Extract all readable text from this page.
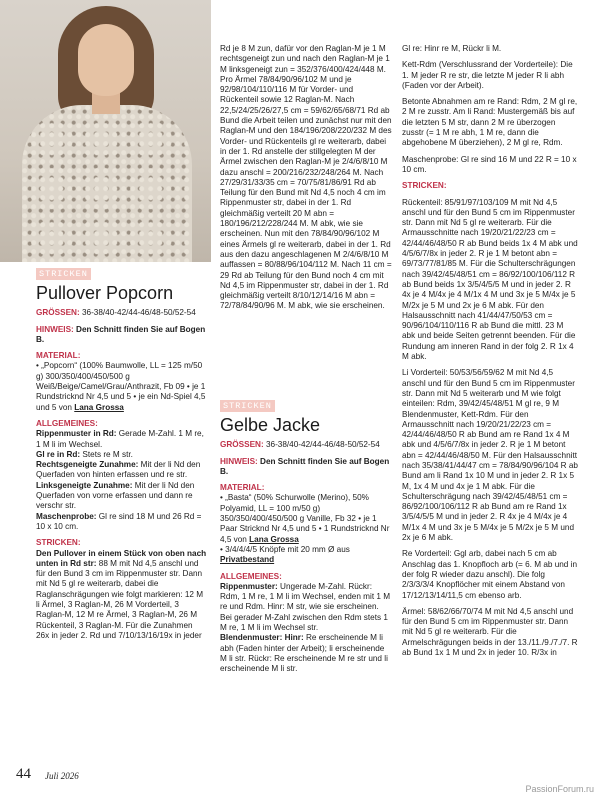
STRICKEN
Pullover Popcorn

GRÖSSEN: 36-38/40-42/44-46/48-50/52-54

HINWEIS: Den Schnitt finden Sie auf Bogen B.

MATERIAL:
• „Popcorn“ (100% Baumwolle, LL = 125 m/50 g) 300/350/400/450/500 g Weiß/Beige/Camel/Grau/Anthrazit, Fb 09 • je 1 Rundstricknd Nr 4,5 und 5 • je ein Nd-Spiel 4,5 und 5 von Lana Grossa

ALLGEMEINES:
Rippenmuster in Rd: Gerade M-Zahl. 1 M re, 1 M li im Wechsel.
Gl re in Rd: Stets re M str.
Rechtsgeneigte Zunahme: Mit der li Nd den Querfaden von hinten erfassen und re str.
Linksgeneigte Zunahme: Mit der li Nd den Querfaden von vorne erfassen und dann re verschr str.
Maschenprobe: Gl re sind 18 M und 26 Rd = 10 x 10 cm.

STRICKEN:
Den Pullover in einem Stück von oben nach unten in Rd str: 88 M mit Nd 4,5 anschl und für den Bund 3 cm im Rippenmuster str. Dann mit Nd 5 gl re weiterarb, dabei die Raglanschrägungen wie folgt markieren: 12 M li Ärmel, 3 Raglan-M, 26 M Vorderteil, 3 Raglan-M, 12 M re Ärmel, 3 Raglan-M, 26 M Rückenteil, 3 Raglan-M. Für die Zunahmen 26x in jeder 2. Rd und 7/10/13/16/19x in jeder

Rd je 8 M zun, dafür vor den Raglan-M je 1 M rechtsgeneigt zun und nach den Raglan-M je 1 M linksgeneigt zun = 352/376/400/424/448 M. Pro Ärmel 78/84/90/96/102 M und je 92/98/104/110/116 M für Vorder- und Rückenteil sowie 12 Raglan-M. Nach 22,5/24/25/26/27,5 cm = 59/62/65/68/71 Rd ab Bund die Arbeit teilen und zunächst nur mit den Raglan-M und den 184/196/208/220/232 M des Vorder- und Rückenteils gl re weiterarb, dabei in der 1. Rd anstelle der stillgelegten M der Ärmel zwischen den Raglan-M je 2/4/6/8/10 M dazu anschl = 200/216/232/248/264 M. Nach 27/29/31/33/35 cm = 70/75/81/86/91 Rd ab Teilung für den Bund mit Nd 4,5 noch 4 cm im Rippenmuster str, dabei in der 1. Rd gleichmäßig verteilt 20 M abn = 180/196/212/228/244 M. M abk, wie sie erscheinen. Nun mit den 78/84/90/96/102 M eines Ärmels gl re weiterarb, dabei in der 1. Rd aus den dazu angeschlagenen M 2/4/6/8/10 M auffassen = 80/88/96/104/112 M. Nach 11 cm = 29 Rd ab Teilung für den Bund noch 4 cm mit Nd 4,5 im Rippenmuster str, dabei in der 1. Rd gleichmäßig verteilt 8/10/12/14/16 M abn = 72/78/84/90/96 M. M abk, wie sie erscheinen.

STRICKEN
Gelbe Jacke

GRÖSSEN: 36-38/40-42/44-46/48-50/52-54

HINWEIS: Den Schnitt finden Sie auf Bogen B.

MATERIAL:
• „Basta“ (50% Schurwolle (Merino), 50% Polyamid, LL = 100 m/50 g) 350/350/400/450/500 g Vanille, Fb 32 • je 1 Paar Stricknd Nr 4,5 und 5 • 1 Rundstricknd Nr 4,5 von Lana Grossa
• 3/4/4/4/5 Knöpfe mit 20 mm Ø aus Privatbestand

ALLGEMEINES:
Rippenmuster: Ungerade M-Zahl. Rückr: Rdm, 1 M re, 1 M li im Wechsel, enden mit 1 M re und Rdm. Hinr: M str, wie sie erscheinen. Bei gerader M-Zahl zwischen den Rdm stets 1 M re, 1 M li im Wechsel str.
Blendenmuster: Hinr: Re erscheinende M li abh (Faden hinter der Arbeit); li erscheinende M li str. Rückr: Re erscheinende M re str und li erscheinende M li str.

Gl re: Hinr re M, Rückr li M.

Kett-Rdm (Verschlussrand der Vorderteile): Die 1. M jeder R re str, die letzte M jeder R li abh (Faden vor der Arbeit).

Betonte Abnahmen am re Rand: Rdm, 2 M gl re, 2 M re zusstr. Am li Rand: Mustergemäß bis auf die letzten 5 M str, dann 2 M re überzogen zusstr (= 1 M re abh, 1 M re, dann die abgehobene M überziehen), 2 M gl re, Rdm.

Maschenprobe: Gl re sind 16 M und 22 R = 10 x 10 cm.

STRICKEN:

Rückenteil: 85/91/97/103/109 M mit Nd 4,5 anschl und für den Bund 5 cm im Rippenmuster str. Dann mit Nd 5 gl re weiterarb. Für die Armausschnitte nach 19/20/21/22/23 cm = 42/44/46/48/50 R ab Bund beids 1x 4 M abk und 4/5/6/7/8x in jeder 2. R je 1 M betont abn = 69/73/77/81/85 M. Für die Schulterschrägungen nach 39/42/45/48/51 cm = 86/92/100/106/112 R ab Bund beids 1x 3/5/4/5/5 M und in jeder 2. R 4x je 4 M/4x je 4 M/1x 4 M und 3x je 5 M/4x je 5 M/2x je 5 M und 2x je 6 M abk. Für den Halsausschnitt nach 41/44/47/50/53 cm = 90/96/104/110/116 R ab Bund die mittl. 23 M abk und beide Seiten getrennt beenden. Für die Rundung am inneren Rand in der folg 2. R 1x 4 M abk.

Li Vorderteil: 50/53/56/59/62 M mit Nd 4,5 anschl und für den Bund 5 cm im Rippenmuster str. Dann mit Nd 5 weiterarb und M wie folgt einteilen: Rdm, 39/42/45/48/51 M gl re, 9 M Blendenmuster, Kett-Rdm. Für den Armausschnitt nach 19/20/21/22/23 cm = 42/44/46/48/50 R ab Bund am re Rand 1x 4 M abk und 4/5/6/7/8x in jeder 2. R je 1 M betont abn = 42/44/46/48/50 M. Für den Halsausschnitt nach 35/38/41/44/47 cm = 78/84/90/96/104 R ab Bund am li Rand 1x 10 M und in jeder 2. R 1x 5 M, 1x 4 M und 4x je 1 M abk. Für die Schulterschrägung nach 39/42/45/48/51 cm = 86/92/100/106/112 R ab Bund am re Rand 1x 3/5/4/5/5 M und in jeder 2. R 4x je 4 M/4x je 4 M/1x 4 M und 3x je 5 M/4x je 5 M/2x je 5 M und 2x je 6 M abk.

Re Vorderteil: Ggl arb, dabei nach 5 cm ab Anschlag das 1. Knopfloch arb (= 6. M ab und in der folg R wieder dazu anschl). Die folg 2/3/3/3/4 Knopflöcher mit einem Abstand von 17/12/13/14/11,5 cm ebenso arb.

Ärmel: 58/62/66/70/74 M mit Nd 4,5 anschl und für den Bund 5 cm im Rippenmuster str. Dann mit Nd 5 gl re weiterarb. Für die Armelschrägungen beids in der 13./11./9./7./7. R ab Bund 1x 1 M und 2x in jeder 10. R/3x in

44 Juli 2026
PassionForum.ru
